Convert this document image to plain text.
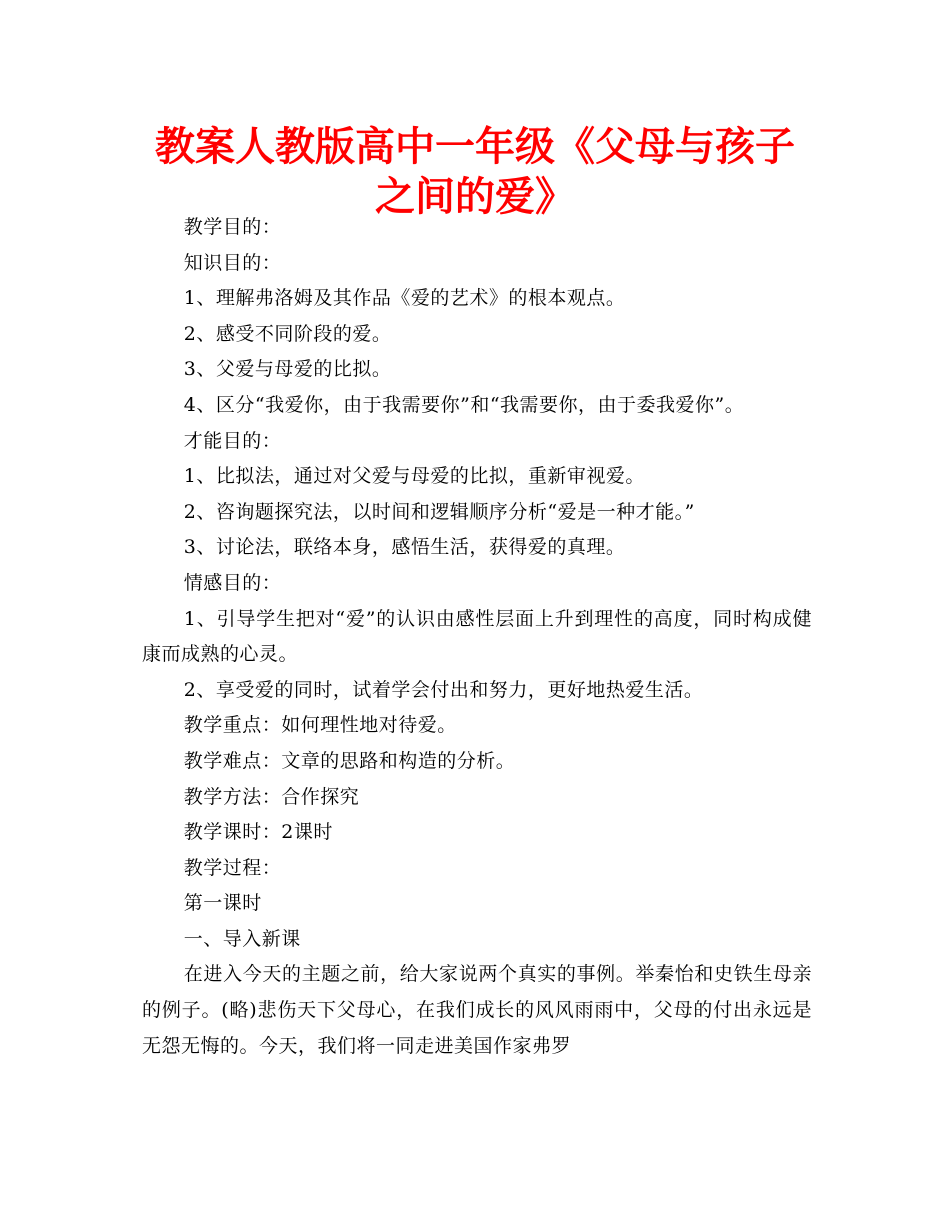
教案人教版高中一年级《父母与孩子之间的爱》

教学目的：

知识目的：

1、理解弗洛姆及其作品《爱的艺术》的根本观点。

2、感受不同阶段的爱。

3、父爱与母爱的比拟。

4、区分“我爱你，由于我需要你”和“我需要你，由于委我爱你”。

才能目的：

1、比拟法，通过对父爱与母爱的比拟，重新审视爱。

2、咨询题探究法，以时间和逻辑顺序分析“爱是一种才能。”

3、讨论法，联络本身，感悟生活，获得爱的真理。

情感目的：

1、引导学生把对“爱”的认识由感性层面上升到理性的高度，同时构成健康而成熟的心灵。

2、享受爱的同时，试着学会付出和努力，更好地热爱生活。

教学重点：如何理性地对待爱。

教学难点：文章的思路和构造的分析。

教学方法：合作探究

教学课时：2课时

教学过程：

第一课时

一、导入新课

在进入今天的主题之前，给大家说两个真实的事例。举秦怡和史铁生母亲的例子。(略)悲伤天下父母心，在我们成长的风风雨雨中，父母的付出永远是无怨无悔的。今天，我们将一同走进美国作家弗罗
